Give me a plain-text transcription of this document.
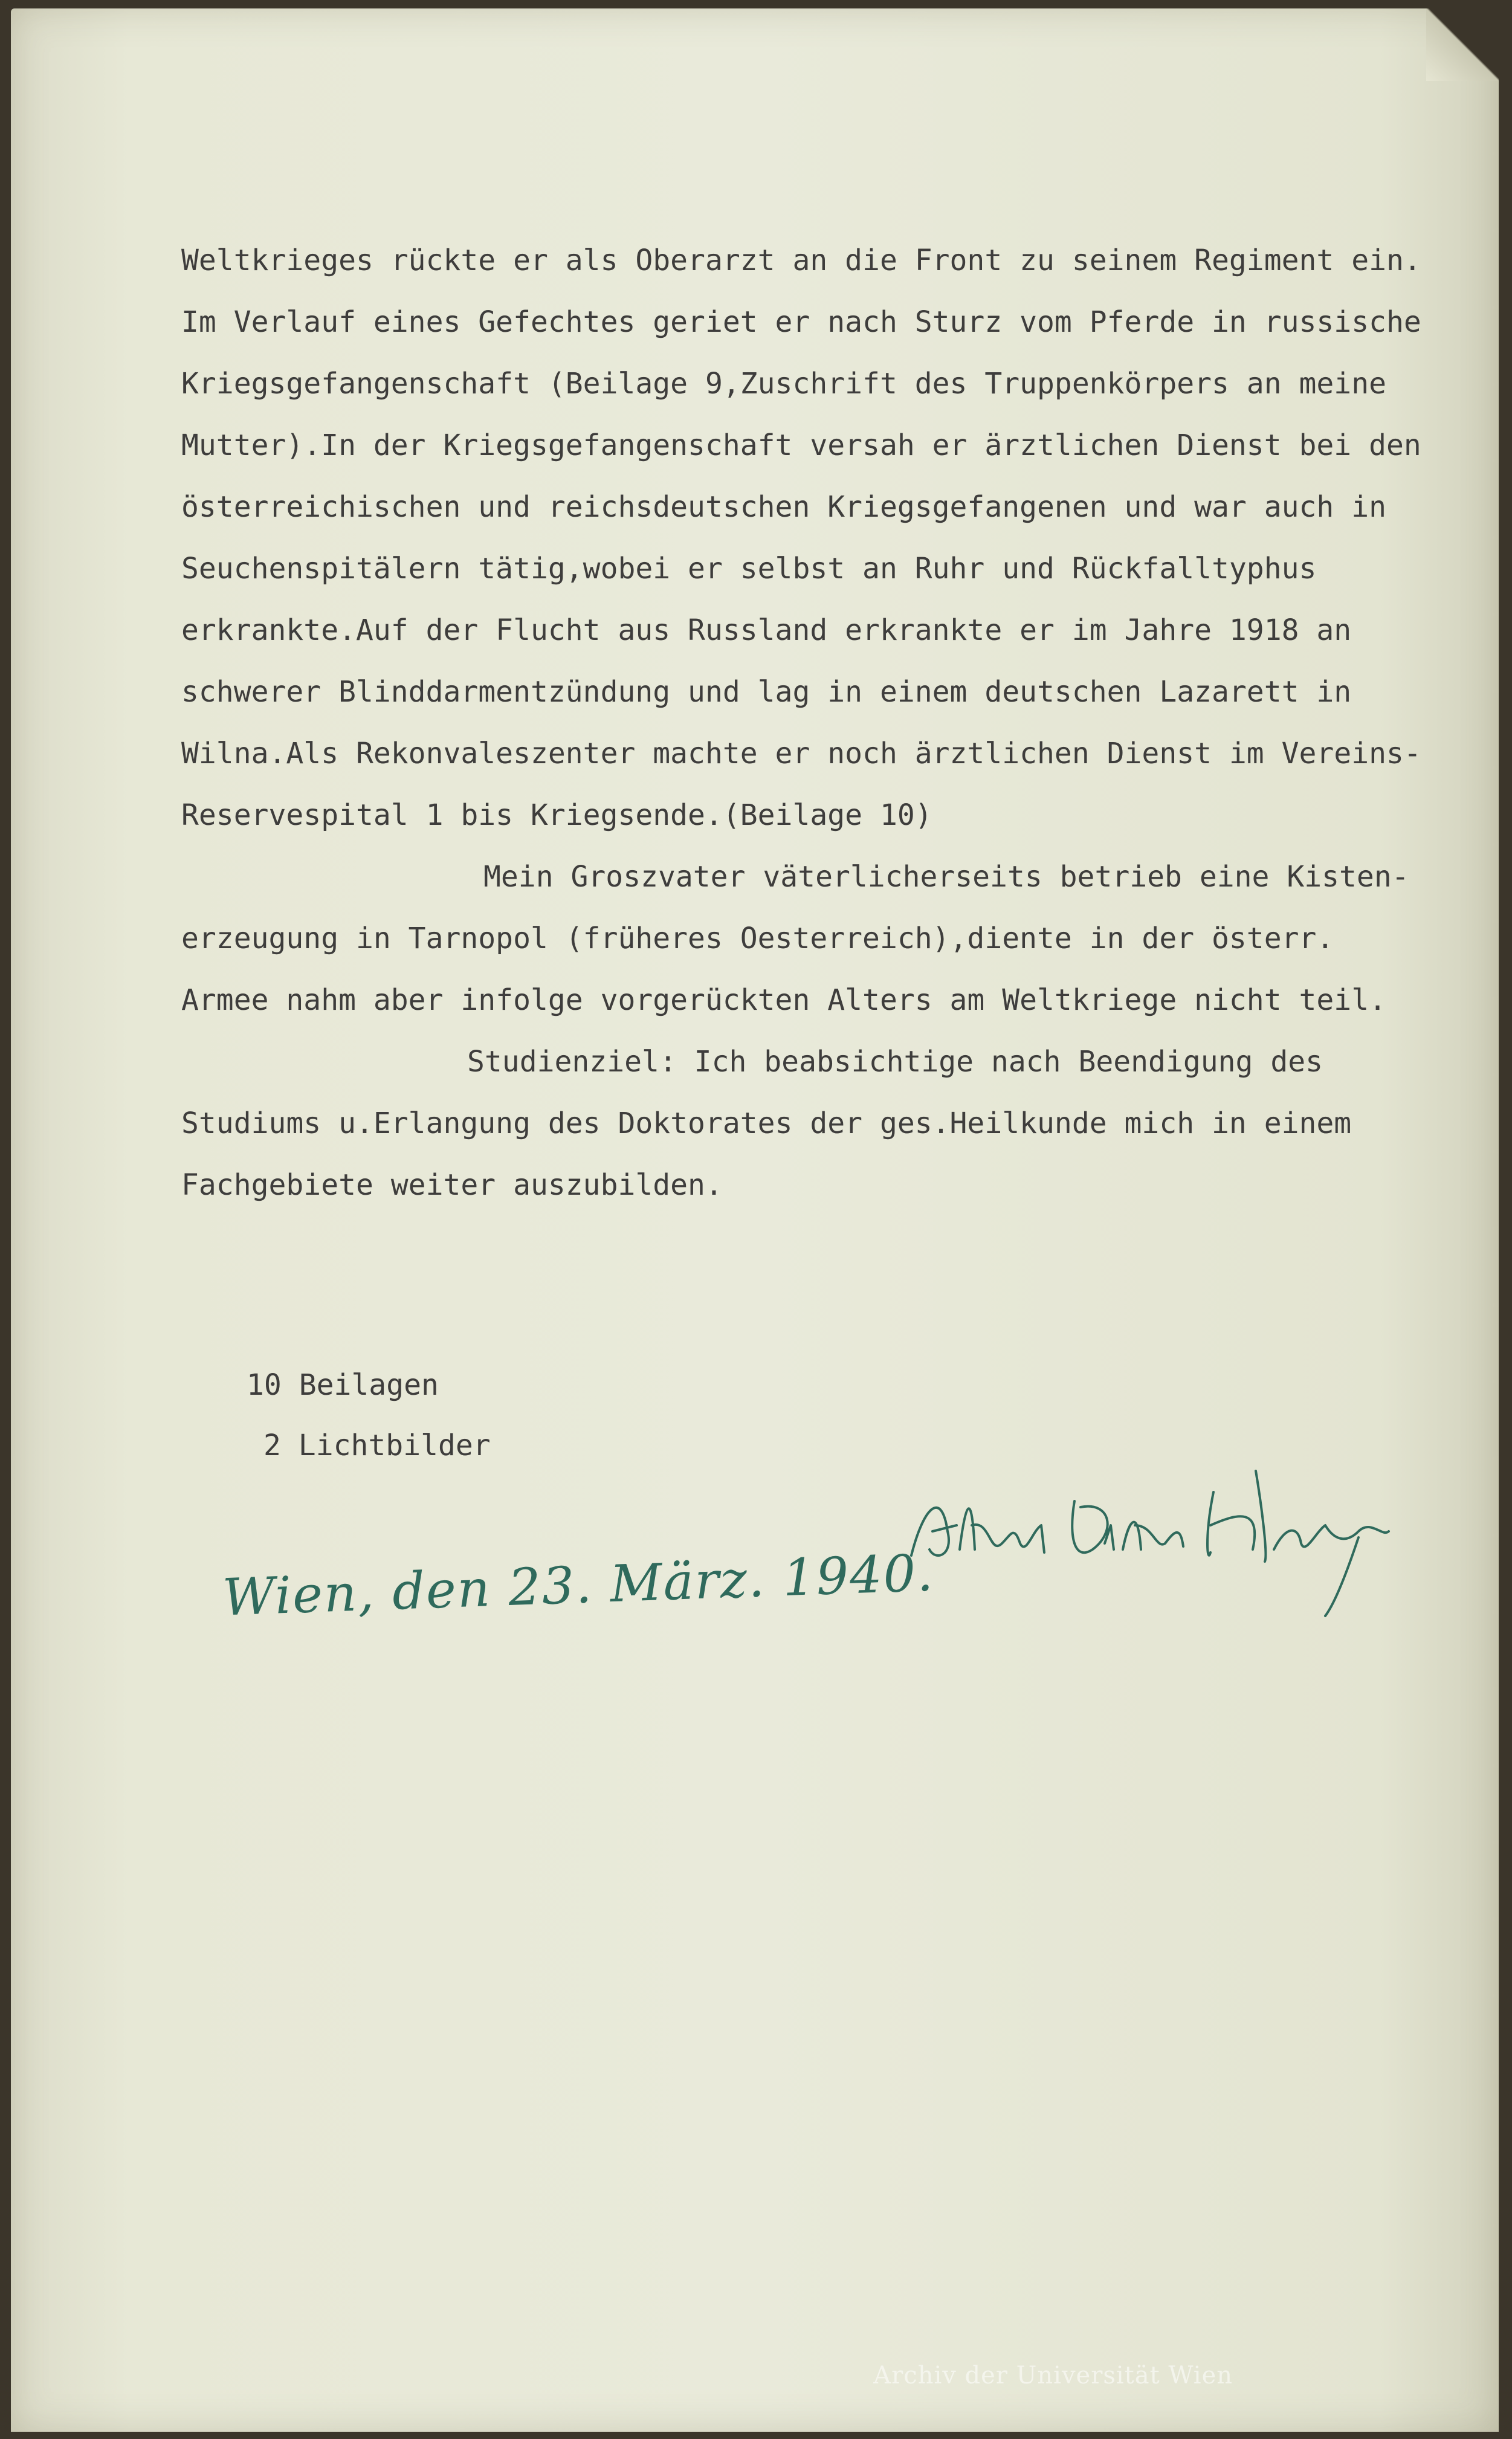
Weltkrieges rückte er als Oberarzt an die Front zu seinem Regiment ein.
Im Verlauf eines Gefechtes geriet er nach Sturz vom Pferde in russische
Kriegsgefangenschaft (Beilage 9,Zuschrift des Truppenkörpers an meine
Mutter).In der Kriegsgefangenschaft versah er ärztlichen Dienst bei den
österreichischen und reichsdeutschen Kriegsgefangenen und war auch in
Seuchenspitälern tätig,wobei er selbst an Ruhr und Rückfalltyphus
erkrankte.Auf der Flucht aus Russland erkrankte er im Jahre 1918 an
schwerer Blinddarmentzündung und lag in einem deutschen Lazarett in
Wilna.Als Rekonvaleszenter machte er noch ärztlichen Dienst im Vereins-
Reservespital 1 bis Kriegsende.(Beilage 10)
Mein Groszvater väterlicherseits betrieb eine Kisten-
erzeugung in Tarnopol (früheres Oesterreich),diente in der österr.
Armee nahm aber infolge vorgerückten Alters am Weltkriege nicht teil.
Studienziel: Ich beabsichtige nach Beendigung des
Studiums u.Erlangung des Doktorates der ges.Heilkunde mich in einem
Fachgebiete weiter auszubilden.
10 Beilagen
2 Lichtbilder
Wien, den 23. März. 1940.
Archiv der Universität Wien
